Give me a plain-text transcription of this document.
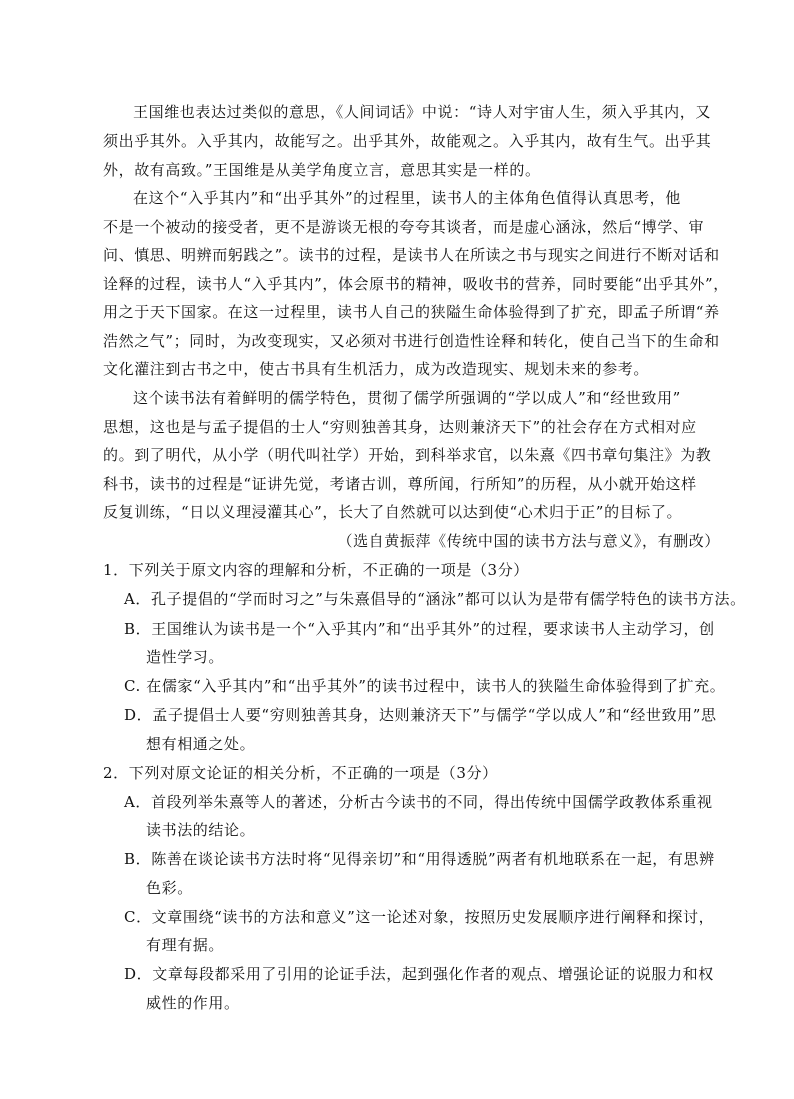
王国维也表达过类似的意思，《人间词话》中说：“诗人对宇宙人生，须入乎其内，又
须出乎其外。入乎其内，故能写之。出乎其外，故能观之。入乎其内，故有生气。出乎其
外，故有高致。”王国维是从美学角度立言，意思其实是一样的。
在这个“入乎其内”和“出乎其外”的过程里，读书人的主体角色值得认真思考，他
不是一个被动的接受者，更不是游谈无根的夸夸其谈者，而是虚心涵泳，然后“博学、审
问、慎思、明辨而躬践之”。读书的过程，是读书人在所读之书与现实之间进行不断对话和
诠释的过程，读书人“入乎其内”，体会原书的精神，吸收书的营养，同时要能“出乎其外”，
用之于天下国家。在这一过程里，读书人自己的狭隘生命体验得到了扩充，即孟子所谓“养
浩然之气”；同时，为改变现实，又必须对书进行创造性诠释和转化，使自己当下的生命和
文化灌注到古书之中，使古书具有生机活力，成为改造现实、规划未来的参考。
这个读书法有着鲜明的儒学特色，贯彻了儒学所强调的“学以成人”和“经世致用”
思想，这也是与孟子提倡的士人“穷则独善其身，达则兼济天下”的社会存在方式相对应
的。到了明代，从小学（明代叫社学）开始，到科举求官，以朱熹《四书章句集注》为教
科书，读书的过程是“证讲先觉，考诸古训，尊所闻，行所知”的历程，从小就开始这样
反复训练，“日以义理浸灌其心”，长大了自然就可以达到使“心术归于正”的目标了。
（选自黄振萍《传统中国的读书方法与意义》，有删改）
1．下列关于原文内容的理解和分析，不正确的一项是（3分）
A．孔子提倡的“学而时习之”与朱熹倡导的“涵泳”都可以认为是带有儒学特色的读书方法。
B．王国维认为读书是一个“入乎其内”和“出乎其外”的过程，要求读书人主动学习，创
造性学习。
C. 在儒家“入乎其内”和“出乎其外”的读书过程中，读书人的狭隘生命体验得到了扩充。
D．孟子提倡士人要“穷则独善其身，达则兼济天下”与儒学“学以成人”和“经世致用”思
想有相通之处。
2．下列对原文论证的相关分析，不正确的一项是（3分）
A．首段列举朱熹等人的著述，分析古今读书的不同，得出传统中国儒学政教体系重视
读书法的结论。
B．陈善在谈论读书方法时将“见得亲切”和“用得透脱”两者有机地联系在一起，有思辨
色彩。
C．文章围绕“读书的方法和意义”这一论述对象，按照历史发展顺序进行阐释和探讨，
有理有据。
D．文章每段都采用了引用的论证手法，起到强化作者的观点、增强论证的说服力和权
威性的作用。
